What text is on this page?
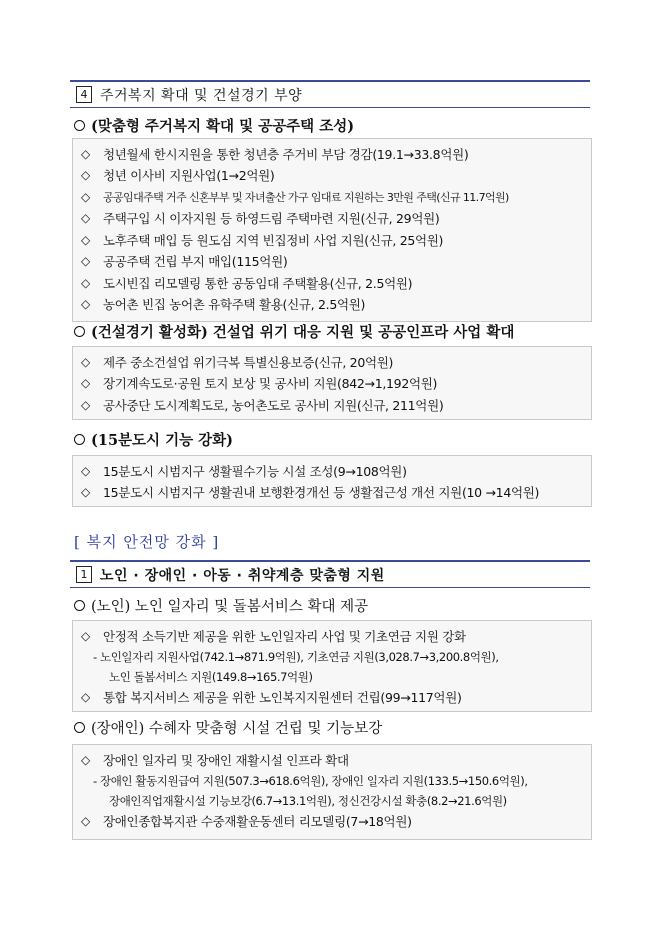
4 주거복지 확대 및 건설경기 부양
(맞춤형 주거복지 확대 및 공공주택 조성)
◇	청년월세 한시지원을 통한 청년층 주거비 부담 경감(19.1→33.8억원)
◇	청년 이사비 지원사업(1→2억원)
◇	공공임대주택 거주 신혼부부 및 자녀출산 가구 임대료 지원하는 3만원 주택(신규 11.7억원)
◇	주택구입 시 이자지원 등 하영드림 주택마련 지원(신규, 29억원)
◇	노후주택 매입 등 원도심 지역 빈집정비 사업 지원(신규, 25억원)
◇	공공주택 건립 부지 매입(115억원)
◇	도시빈집 리모델링 통한 공동임대 주택활용(신규, 2.5억원)
◇	농어촌 빈집 농어촌 유학주택 활용(신규, 2.5억원)
(건설경기 활성화) 건설업 위기 대응 지원 및 공공인프라 사업 확대
◇	제주 중소건설업 위기극복 특별신용보증(신규, 20억원)
◇	장기계속도로·공원 토지 보상 및 공사비 지원(842→1,192억원)
◇	공사중단 도시계획도로, 농어촌도로 공사비 지원(신규, 211억원)
(15분도시 기능 강화)
◇	15분도시 시범지구 생활필수기능 시설 조성(9→108억원)
◇	15분도시 시범지구 생활권내 보행환경개선 등 생활접근성 개선 지원(10 →14억원)
[ 복지 안전망 강화 ]
1 노인 · 장애인 · 아동 · 취약계층 맞춤형 지원
(노인) 노인 일자리 및 돌봄서비스 확대 제공
◇	안정적 소득기반 제공을 위한 노인일자리 사업 및 기초연금 지원 강화
- 노인일자리 지원사업(742.1→871.9억원), 기초연금 지원(3,028.7→3,200.8억원),
노인 돌봄서비스 지원(149.8→165.7억원)
◇	통합 복지서비스 제공을 위한 노인복지지원센터 건립(99→117억원)
(장애인) 수혜자 맞춤형 시설 건립 및 기능보강
◇	장애인 일자리 및 장애인 재활시설 인프라 확대
- 장애인 활동지원급여 지원(507.3→618.6억원), 장애인 일자리 지원(133.5→150.6억원),
장애인직업재활시설 기능보강(6.7→13.1억원), 정신건강시설 확충(8.2→21.6억원)
◇	장애인종합복지관 수중재활운동센터 리모델링(7→18억원)
